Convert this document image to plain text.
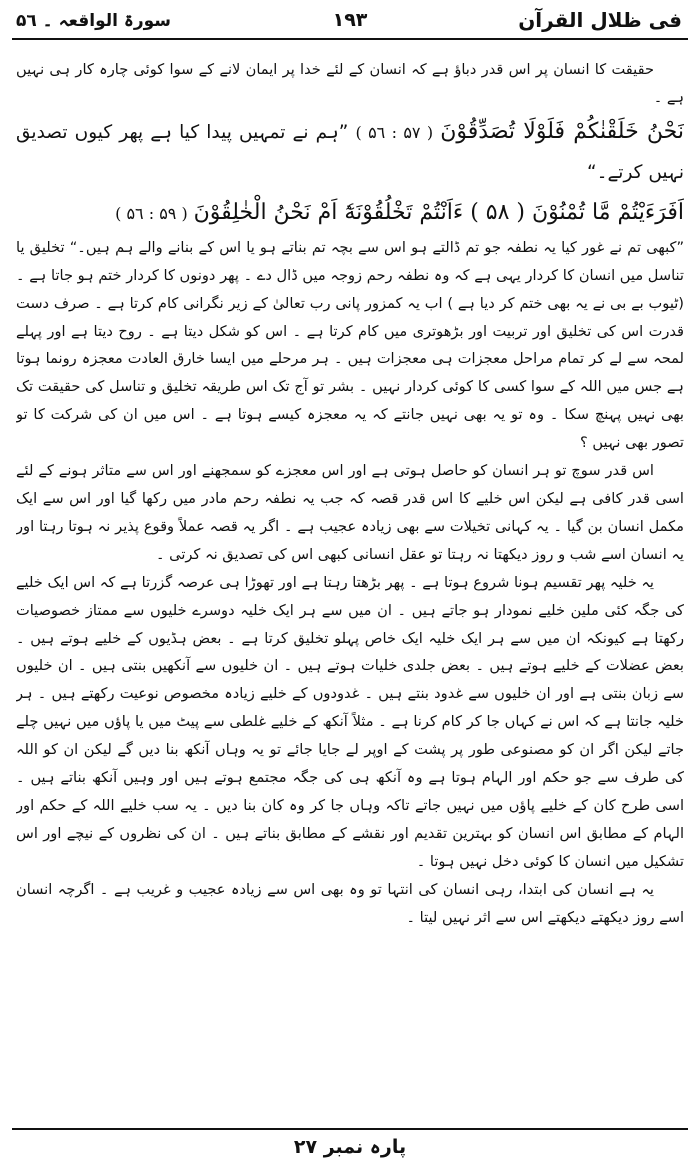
سورۃ الواقعہ ۔ ۵٦	١٩٣	فی ظلال القرآن

حقیقت کا انسان پر اس قدر دباؤ ہے کہ انسان کے لئے خدا پر ایمان لانے کے سوا کوئی چارہ کار ہی نہیں ہے ۔

نَحْنُ خَلَقْنٰكُمْ فَلَوْلَا تُصَدِّقُوْنَ ( ۵٦ : ۵۷ ) ”ہم نے تمہیں پیدا کیا ہے پھر کیوں تصدیق نہیں کرتے۔“

اَفَرَءَيْتُمْ مَّا تُمْنُوْنَ ( ۵۸ ) ءَاَنْتُمْ تَخْلُقُوْنَهٗٓ اَمْ نَحْنُ الْخٰلِقُوْنَ ( ۵٦ : ۵۹ )

”کبھی تم نے غور کیا یہ نطفہ جو تم ڈالتے ہو اس سے بچہ تم بناتے ہو یا اس کے بنانے والے ہم ہیں۔“ تخلیق یا تناسل میں انسان کا کردار یہی ہے کہ وہ نطفہ رحم زوجہ میں ڈال دے ۔ پھر دونوں کا کردار ختم ہو جاتا ہے ۔ (ٹیوب بے بی نے یہ بھی ختم کر دیا ہے ) اب یہ کمزور پانی رب تعالیٰ کے زیر نگرانی کام کرتا ہے ۔ صرف دست قدرت اس کی تخلیق اور تربیت اور بڑھوتری میں کام کرتا ہے ۔ اس کو شکل دیتا ہے ۔ روح دیتا ہے اور پہلے لمحہ سے لے کر تمام مراحل معجزات ہی معجزات ہیں ۔ ہر مرحلے میں ایسا خارق العادت معجزہ رونما ہوتا ہے جس میں اللہ کے سوا کسی کا کوئی کردار نہیں ۔ بشر تو آج تک اس طریقہ تخلیق و تناسل کی حقیقت تک بھی نہیں پہنچ سکا ۔ وہ تو یہ بھی نہیں جانتے کہ یہ معجزہ کیسے ہوتا ہے ۔ اس میں ان کی شرکت کا تو تصور بھی نہیں ؟

اس قدر سوچ تو ہر انسان کو حاصل ہوتی ہے اور اس معجزے کو سمجھنے اور اس سے متاثر ہونے کے لئے اسی قدر کافی ہے لیکن اس خلیے کا اس قدر قصہ کہ جب یہ نطفہ رحم مادر میں رکھا گیا اور اس سے ایک مکمل انسان بن گیا ۔ یہ کہانی تخیلات سے بھی زیادہ عجیب ہے ۔ اگر یہ قصہ عملاً وقوع پذیر نہ ہوتا رہتا اور یہ انسان اسے شب و روز دیکھتا نہ رہتا تو عقل انسانی کبھی اس کی تصدیق نہ کرتی ۔

یہ خلیہ پھر تقسیم ہونا شروع ہوتا ہے ۔ پھر بڑھتا رہتا ہے اور تھوڑا ہی عرصہ گزرتا ہے کہ اس ایک خلیے کی جگہ کئی ملین خلیے نمودار ہو جاتے ہیں ۔ ان میں سے ہر ایک خلیہ دوسرے خلیوں سے ممتاز خصوصیات رکھتا ہے کیونکہ ان میں سے ہر ایک خلیہ ایک خاص پہلو تخلیق کرتا ہے ۔ بعض ہڈیوں کے خلیے ہوتے ہیں ۔ بعض عضلات کے خلیے ہوتے ہیں ۔ بعض جلدی خلیات ہوتے ہیں ۔ ان خلیوں سے آنکھیں بنتی ہیں ۔ ان خلیوں سے زبان بنتی ہے اور ان خلیوں سے غدود بنتے ہیں ۔ غدودوں کے خلیے زیادہ مخصوص نوعیت رکھتے ہیں ۔ ہر خلیہ جانتا ہے کہ اس نے کہاں جا کر کام کرنا ہے ۔ مثلاً آنکھ کے خلیے غلطی سے پیٹ میں یا پاؤں میں نہیں چلے جاتے لیکن اگر ان کو مصنوعی طور پر پشت کے اوپر لے جایا جائے تو یہ وہاں آنکھ بنا دیں گے لیکن ان کو اللہ کی طرف سے جو حکم اور الہام ہوتا ہے وہ آنکھ ہی کی جگہ مجتمع ہوتے ہیں اور وہیں آنکھ بناتے ہیں ۔ اسی طرح کان کے خلیے پاؤں میں نہیں جاتے تاکہ وہاں جا کر وہ کان بنا دیں ۔ یہ سب خلیے اللہ کے حکم اور الہام کے مطابق اس انسان کو بہترین تقدیم اور نقشے کے مطابق بناتے ہیں ۔ ان کی نظروں کے نیچے اور اس تشکیل میں انسان کا کوئی دخل نہیں ہوتا ۔

یہ ہے انسان کی ابتدا، رہی انسان کی انتہا تو وہ بھی اس سے زیادہ عجیب و غریب ہے ۔ اگرچہ انسان اسے روز دیکھتے دیکھتے اس سے اثر نہیں لیتا ۔

پارہ نمبر ۲۷
